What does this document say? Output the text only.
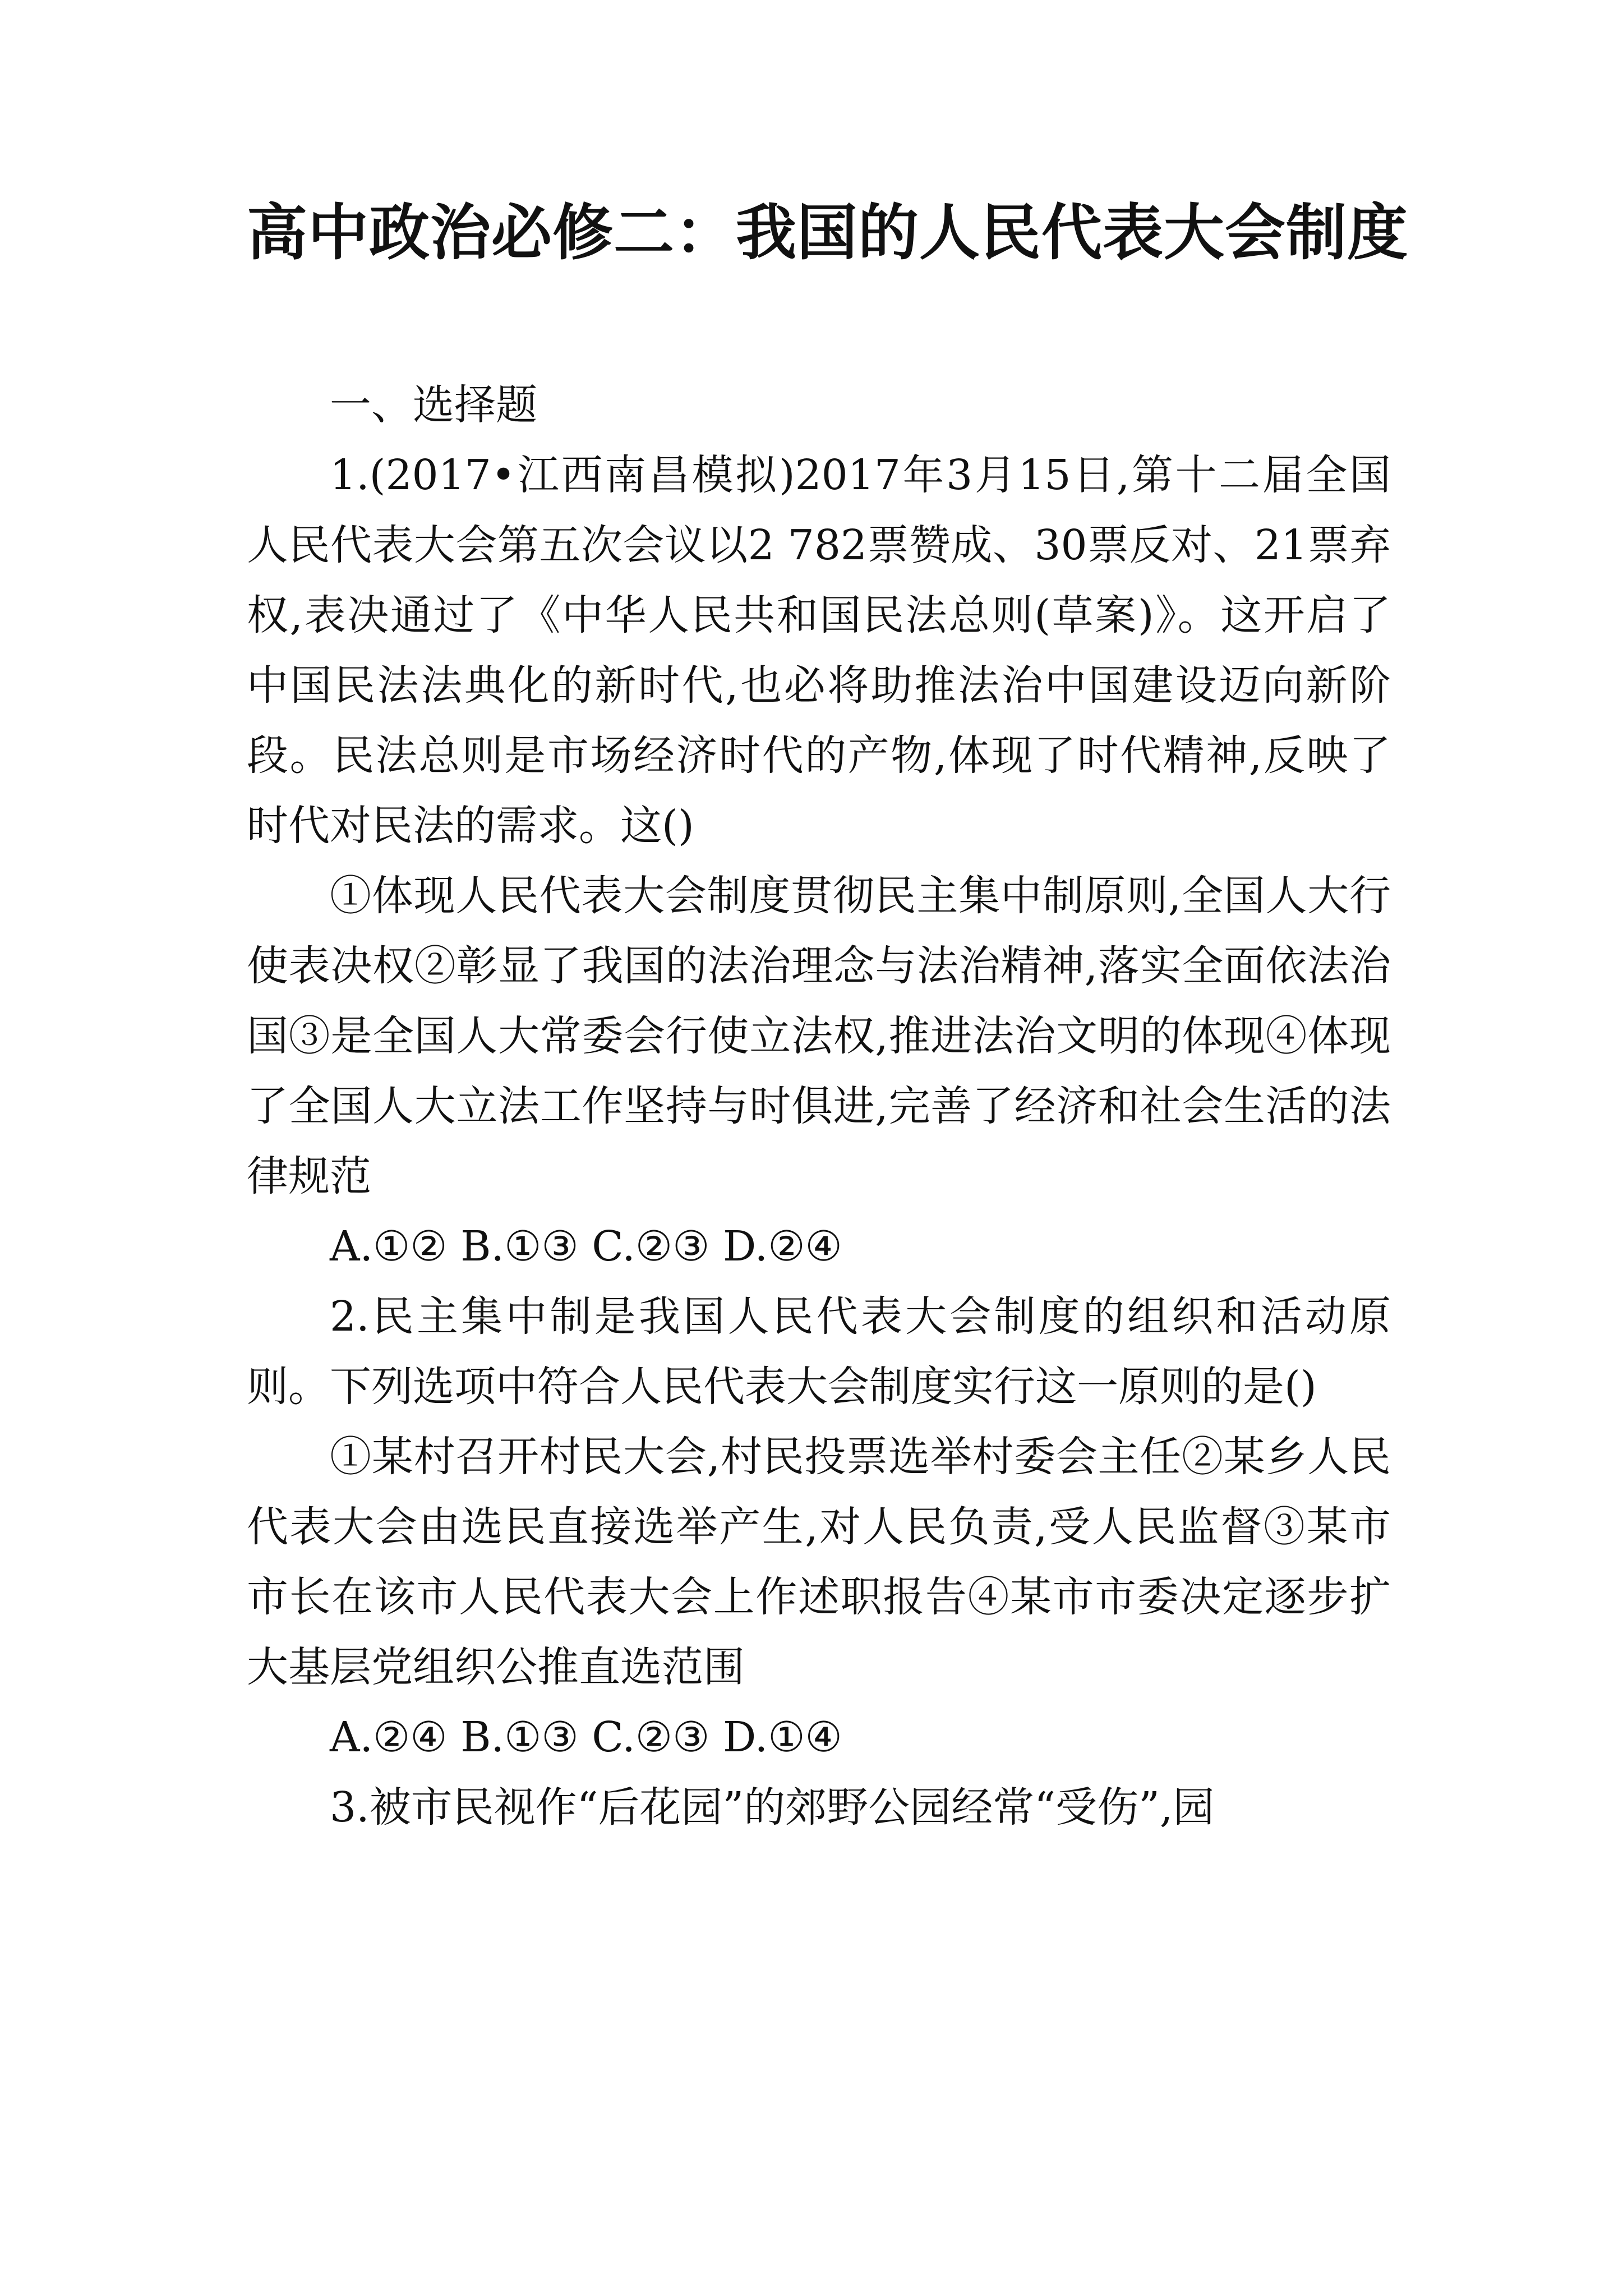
高中政治必修二：我国的人民代表大会制度

一、选择题

1.(2017•江西南昌模拟)2017年3月15日,第十二届全国人民代表大会第五次会议以2 782票赞成、30票反对、21票弃权,表决通过了《中华人民共和国民法总则(草案)》。这开启了中国民法法典化的新时代,也必将助推法治中国建设迈向新阶段。民法总则是市场经济时代的产物,体现了时代精神,反映了时代对民法的需求。这()

①体现人民代表大会制度贯彻民主集中制原则,全国人大行使表决权②彰显了我国的法治理念与法治精神,落实全面依法治国③是全国人大常委会行使立法权,推进法治文明的体现④体现了全国人大立法工作坚持与时俱进,完善了经济和社会生活的法律规范

A.①② B.①③ C.②③ D.②④

2.民主集中制是我国人民代表大会制度的组织和活动原则。下列选项中符合人民代表大会制度实行这一原则的是()

①某村召开村民大会,村民投票选举村委会主任②某乡人民代表大会由选民直接选举产生,对人民负责,受人民监督③某市市长在该市人民代表大会上作述职报告④某市市委决定逐步扩大基层党组织公推直选范围

A.②④ B.①③ C.②③ D.①④

3.被市民视作“后花园”的郊野公园经常“受伤”,园
